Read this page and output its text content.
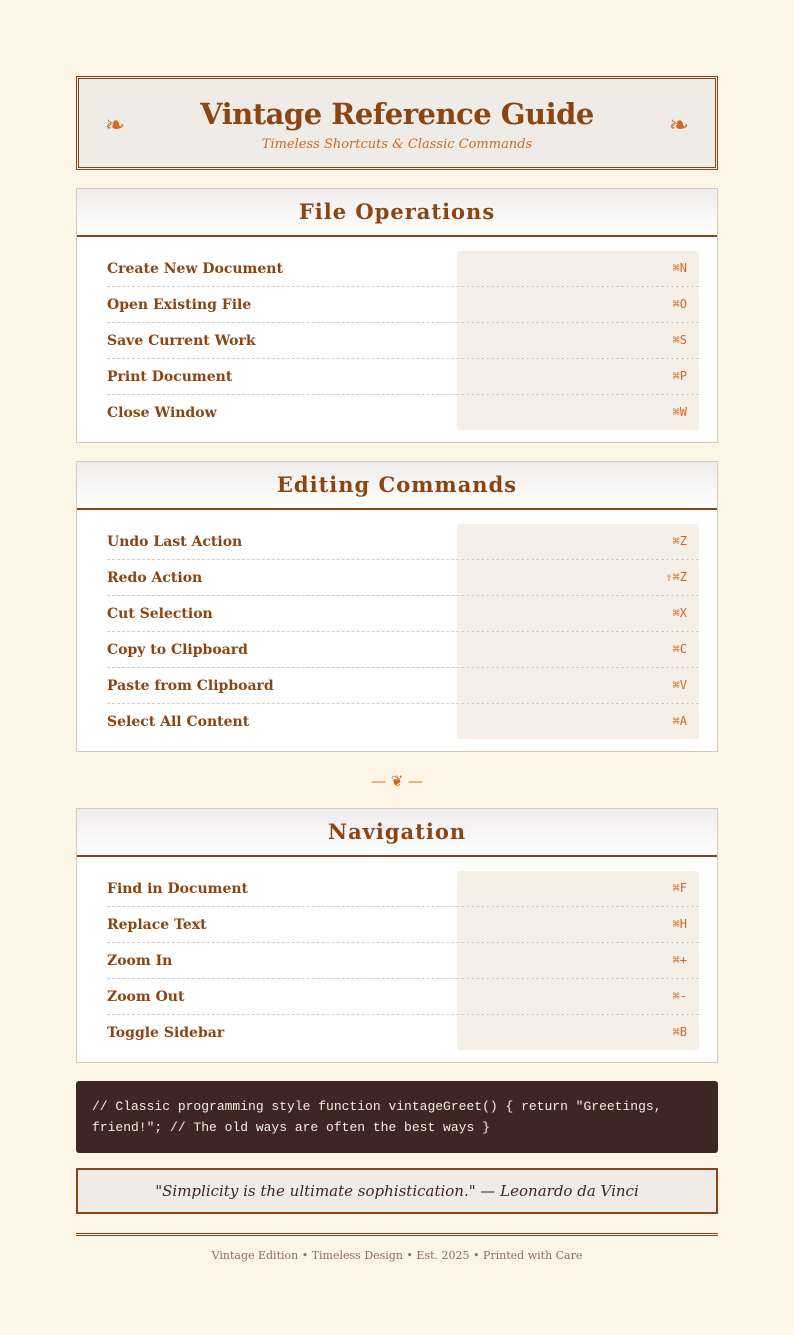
❧	Vintage Reference Guide
Timeless Shortcuts & Classic Commands
❧
File Operations
Create New Document	⌘N
Open Existing File	⌘O
Save Current Work	⌘S
Print Document	⌘P
Close Window	⌘W
Editing Commands
Undo Last Action	⌘Z
Redo Action	⇧⌘Z
Cut Selection	⌘X
Copy to Clipboard	⌘C
Paste from Clipboard	⌘V
Select All Content	⌘A
— ❦ —
Navigation
Find in Document	⌘F
Replace Text	⌘H
Zoom In	⌘+
Zoom Out	⌘-
Toggle Sidebar	⌘B
// Classic programming style function vintageGreet() { return "Greetings, friend!"; // The old ways are often the best ways }
"Simplicity is the ultimate sophistication." — Leonardo da Vinci
Vintage Edition • Timeless Design • Est. 2025 • Printed with Care
